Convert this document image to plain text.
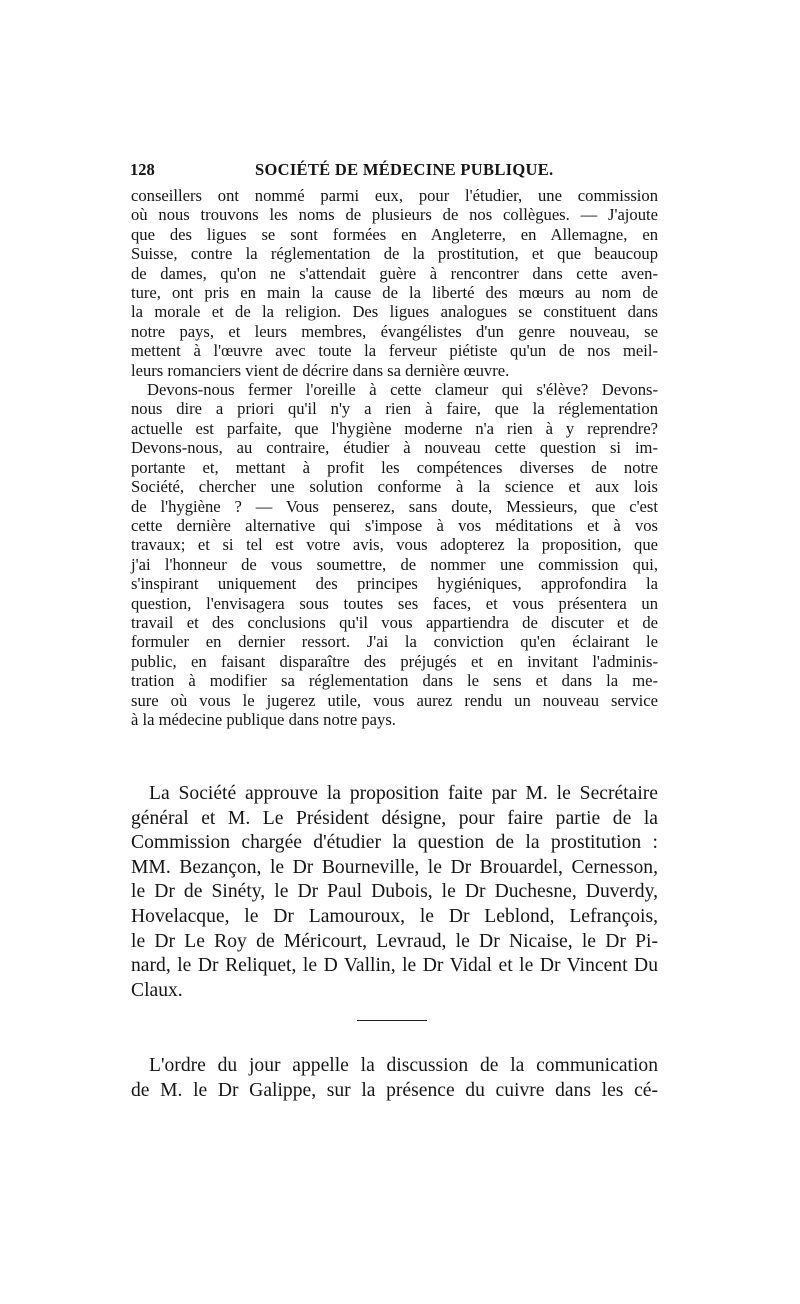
128	SOCIÉTÉ DE MÉDECINE PUBLIQUE.
conseillers ont nommé parmi eux, pour l'étudier, une commission
où nous trouvons les noms de plusieurs de nos collègues. — J'ajoute
que des ligues se sont formées en Angleterre, en Allemagne, en
Suisse, contre la réglementation de la prostitution, et que beaucoup
de dames, qu'on ne s'attendait guère à rencontrer dans cette aven-
ture, ont pris en main la cause de la liberté des mœurs au nom de
la morale et de la religion. Des ligues analogues se constituent dans
notre pays, et leurs membres, évangélistes d'un genre nouveau, se
mettent à l'œuvre avec toute la ferveur piétiste qu'un de nos meil-
leurs romanciers vient de décrire dans sa dernière œuvre.
Devons-nous fermer l'oreille à cette clameur qui s'élève? Devons-
nous dire a priori qu'il n'y a rien à faire, que la réglementation
actuelle est parfaite, que l'hygiène moderne n'a rien à y reprendre?
Devons-nous, au contraire, étudier à nouveau cette question si im-
portante et, mettant à profit les compétences diverses de notre
Société, chercher une solution conforme à la science et aux lois
de l'hygiène ? — Vous penserez, sans doute, Messieurs, que c'est
cette dernière alternative qui s'impose à vos méditations et à vos
travaux; et si tel est votre avis, vous adopterez la proposition, que
j'ai l'honneur de vous soumettre, de nommer une commission qui,
s'inspirant uniquement des principes hygiéniques, approfondira la
question, l'envisagera sous toutes ses faces, et vous présentera un
travail et des conclusions qu'il vous appartiendra de discuter et de
formuler en dernier ressort. J'ai la conviction qu'en éclairant le
public, en faisant disparaître des préjugés et en invitant l'adminis-
tration à modifier sa réglementation dans le sens et dans la me-
sure où vous le jugerez utile, vous aurez rendu un nouveau service
à la médecine publique dans notre pays.
La Société approuve la proposition faite par M. le Secrétaire
général et M. Le Président désigne, pour faire partie de la
Commission chargée d'étudier la question de la prostitution :
MM. Bezançon, le Dr Bourneville, le Dr Brouardel, Cernesson,
le Dr de Sinéty, le Dr Paul Dubois, le Dr Duchesne, Duverdy,
Hovelacque, le Dr Lamouroux, le Dr Leblond, Lefrançois,
le Dr Le Roy de Méricourt, Levraud, le Dr Nicaise, le Dr Pi-
nard, le Dr Reliquet, le D Vallin, le Dr Vidal et le Dr Vincent Du
Claux.
L'ordre du jour appelle la discussion de la communication
de M. le Dr Galippe, sur la présence du cuivre dans les cé-
